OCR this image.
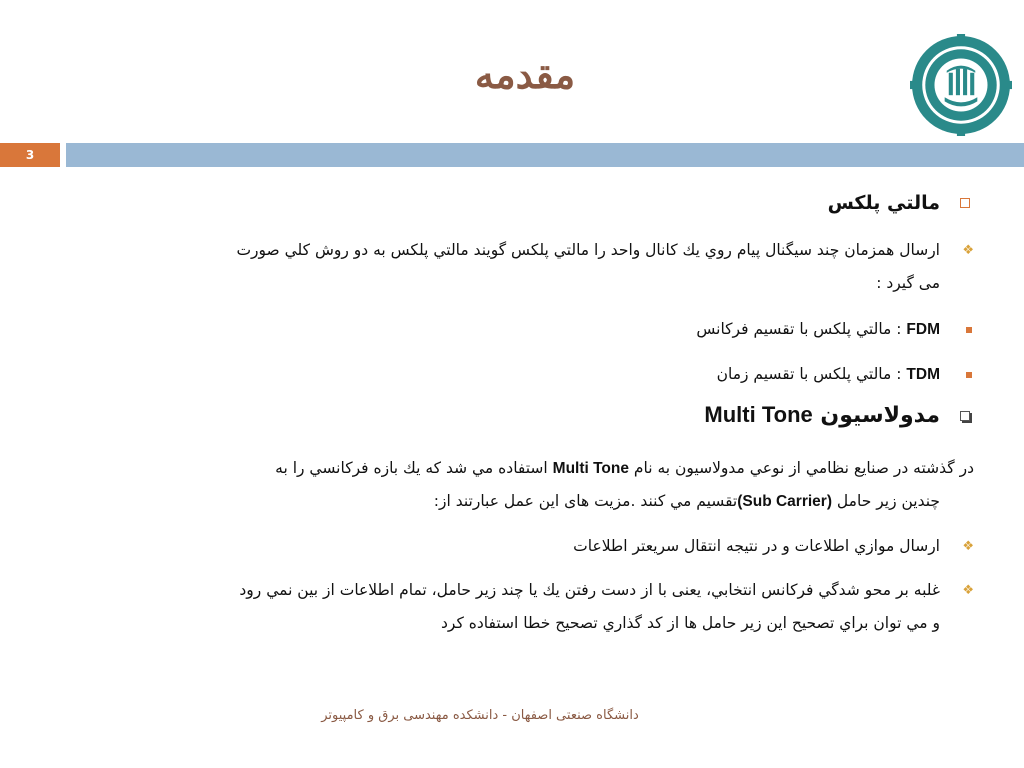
مقدمه
3
مالتي پلكس
❖
ارسال همزمان چند سيگنال پيام روي يك كانال واحد را مالتي پلكس گويند مالتي پلكس به دو روش كلي صورت
می گیرد :
FDM : مالتي پلكس با تقسيم فركانس
TDM : مالتي پلكس با تقسيم زمان
مدولاسيون Multi Tone
در گذشته در صنايع نظامي از نوعي مدولاسيون به نام Multi Tone استفاده مي شد كه يك بازه فركانسي را به
چندين زير حامل (Sub Carrier)تقسيم مي كنند .مزيت های اين عمل عبارتند از:
❖
ارسال موازي اطلاعات و در نتيجه انتقال سريعتر اطلاعات
❖
غلبه بر محو شدگي فركانس انتخابي، يعنی با از دست رفتن يك يا چند زير حامل، تمام اطلاعات از بين نمي رود
و مي توان براي تصحيح اين زير حامل ها از كد گذاري تصحيح خطا استفاده كرد
دانشگاه صنعتی اصفهان - دانشکده مهندسی برق و کامپیوتر
